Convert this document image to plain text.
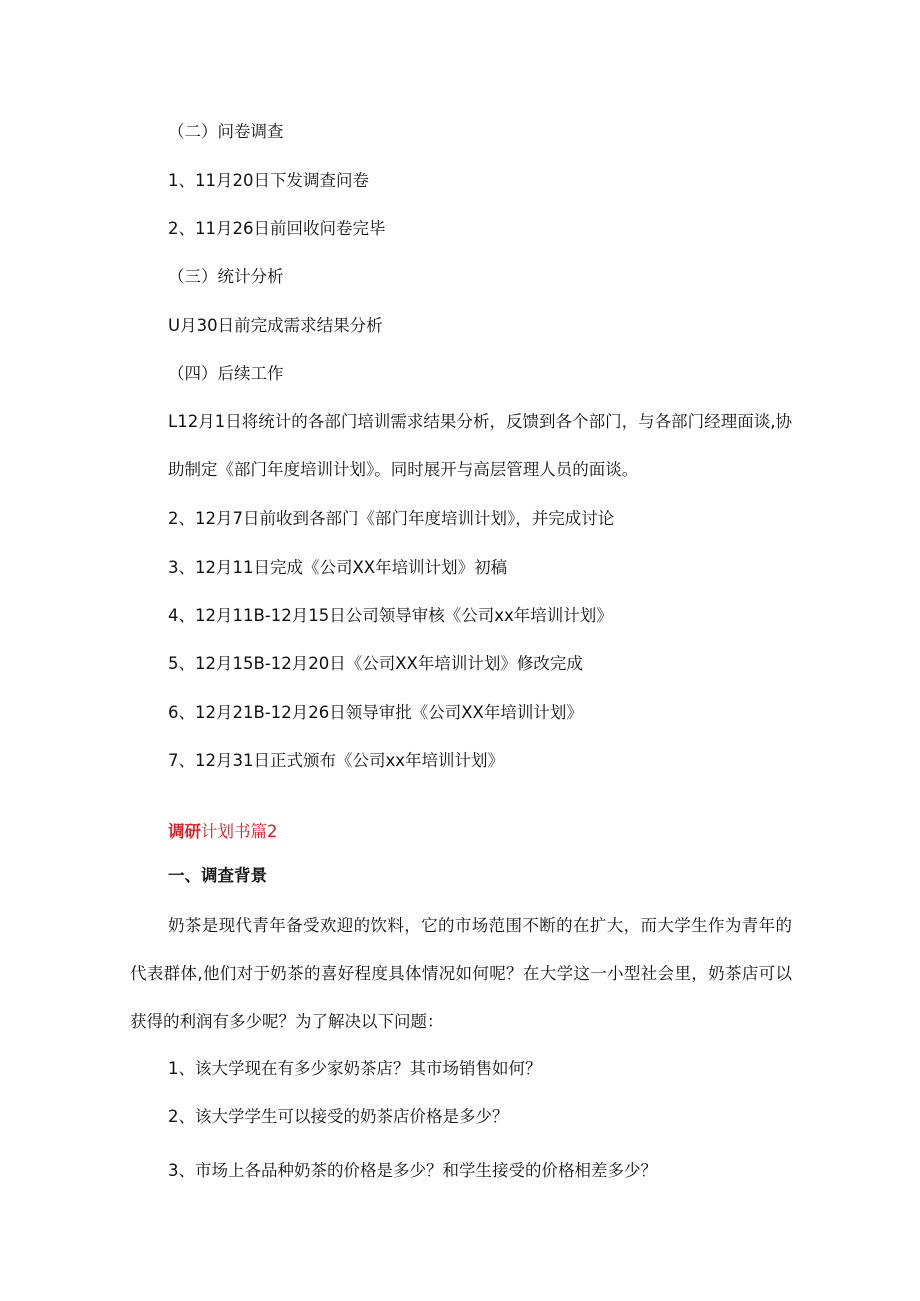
（二）问卷调查

1、11月20日下发调查问卷

2、11月26日前回收问卷完毕

（三）统计分析

U月30日前完成需求结果分析

（四）后续工作

L12月1日将统计的各部门培训需求结果分析，反馈到各个部门，与各部门经理面谈,协助制定《部门年度培训计划》。同时展开与高层管理人员的面谈。

2、12月7日前收到各部门《部门年度培训计划》，并完成讨论

3、12月11日完成《公司XX年培训计划》初稿

4、12月11B-12月15日公司领导审核《公司xx年培训计划》

5、12月15B-12月20日《公司XX年培训计划》修改完成

6、12月21B-12月26日领导审批《公司XX年培训计划》

7、12月31日正式颁布《公司xx年培训计划》

调研计划书篇2

一、调查背景

奶茶是现代青年备受欢迎的饮料，它的市场范围不断的在扩大，而大学生作为青年的代表群体,他们对于奶茶的喜好程度具体情况如何呢？在大学这一小型社会里，奶茶店可以获得的利润有多少呢？为了解决以下问题：

1、该大学现在有多少家奶茶店？其市场销售如何？

2、该大学学生可以接受的奶茶店价格是多少？

3、市场上各品种奶茶的价格是多少？和学生接受的价格相差多少？
